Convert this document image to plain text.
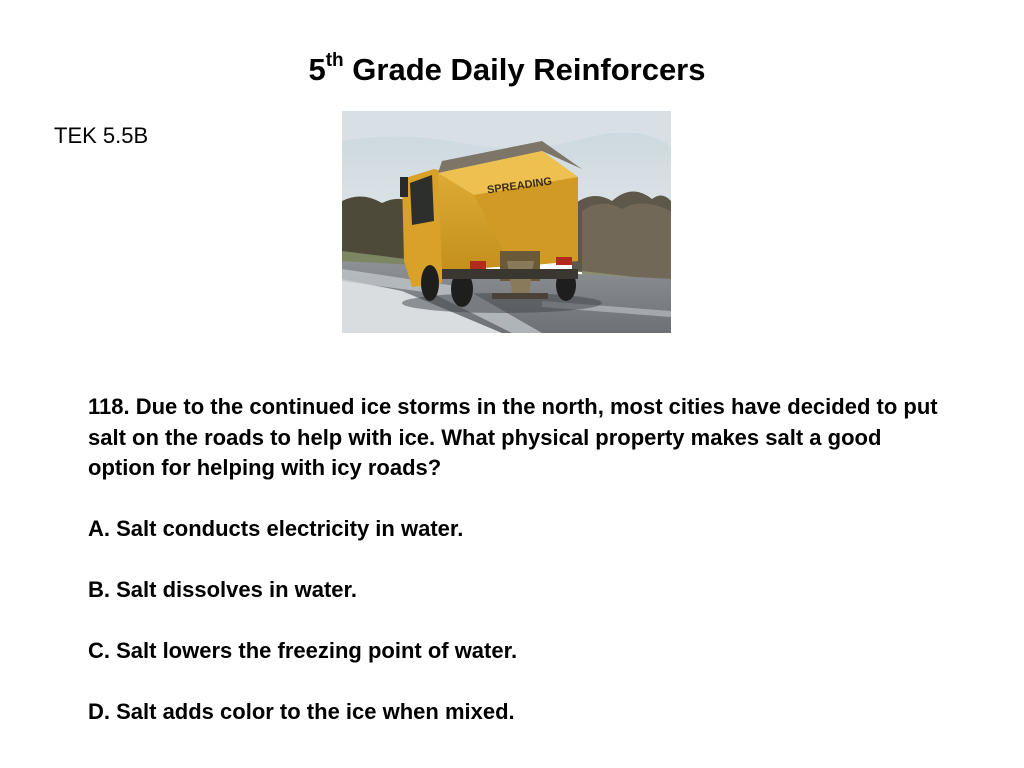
5th Grade Daily Reinforcers
TEK 5.5B
SPREADING
118. Due to the continued ice storms in the north, most cities have decided to put salt on the roads to help with ice. What physical property makes salt a good option for helping with icy roads?
A. Salt conducts electricity in water.
B. Salt dissolves in water.
C. Salt lowers the freezing point of water.
D. Salt adds color to the ice when mixed.
